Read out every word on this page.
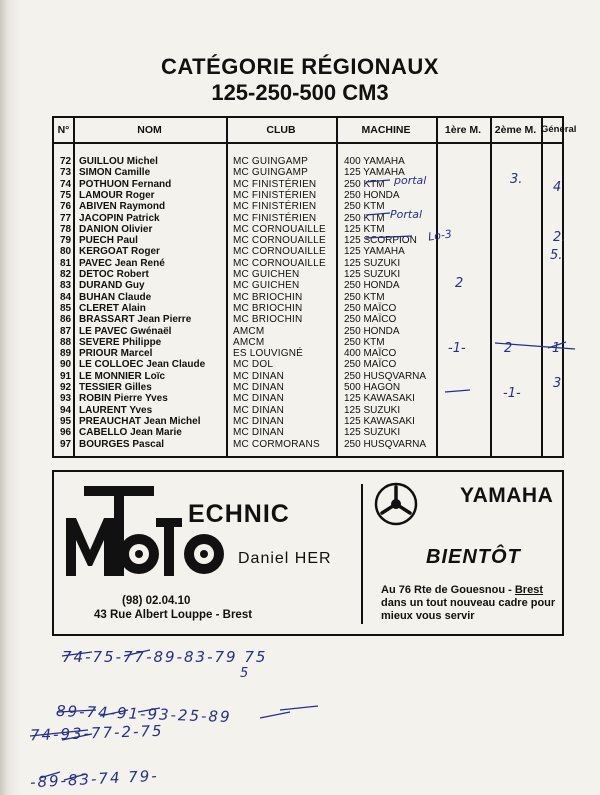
CATÉGORIE RÉGIONAUX
125-250-500 CM3
N°	NOM	CLUB	MACHINE	1ère M.	2ème M. Général
72 GUILLOU Michel	MC GUINGAMP	400 YAMAHA
73 SIMON Camille	MC GUINGAMP	125 YAMAHA
74 POTHUON Fernand	MC FINISTÉRIEN	250 KTM
75 LAMOUR Roger	MC FINISTÉRIEN	250 HONDA
76 ABIVEN Raymond	MC FINISTÉRIEN	250 KTM
77 JACOPIN Patrick	MC FINISTÉRIEN	250 KTM
78 DANION Olivier	MC CORNOUAILLE 125 KTM
79 PUECH Paul	MC CORNOUAILLE 125 SCORPION
80 KERGOAT Roger	MC CORNOUAILLE 125 YAMAHA
81 PAVEC Jean René	MC CORNOUAILLE 125 SUZUKI
82 DETOC Robert	MC GUICHEN	125 SUZUKI
83 DURAND Guy	MC GUICHEN	250 HONDA
84 BUHAN Claude	MC BRIOCHIN	250 KTM
85 CLERET Alain	MC BRIOCHIN	250 MAÏCO
86 BRASSART Jean Pierre	MC BRIOCHIN	250 MAÏCO
87 LE PAVEC Gwénaël	AMCM	250 HONDA
88 SEVERE Philippe	AMCM	250 KTM
89 PRIOUR Marcel	ES LOUVIGNÉ	400 MAÏCO
90 LE COLLOEC Jean Claude	MC DOL	250 MAÏCO
91 LE MONNIER Loïc	MC DINAN	250 HUSQVARNA
92 TESSIER Gilles	MC DINAN	500 HAGON
93 ROBIN Pierre Yves	MC DINAN	125 KAWASAKI
94 LAURENT Yves	MC DINAN	125 SUZUKI
95 PREAUCHAT Jean Michel	MC DINAN	125 KAWASAKI
96 CABELLO Jean Marie	MC DINAN	125 SUZUKI
97 BOURGES Pascal	MC CORMORANS 250 HUSQVARNA
portal
Portal
Lo-3
3.
4
2
2.
5.
-1-	2	1
-1-
3
ECHNIC
Daniel HER
(98) 02.04.10
43 Rue Albert Louppe - Brest
YAMAHA
BIENTÔT
Au 76 Rte de Gouesnou - Brest
dans un tout nouveau cadre pour
mieux vous servir
74-75-77-89-83-79 75
5
89-74-91-93-25-89
74-93-77-2-75
-89-83-74 79-
